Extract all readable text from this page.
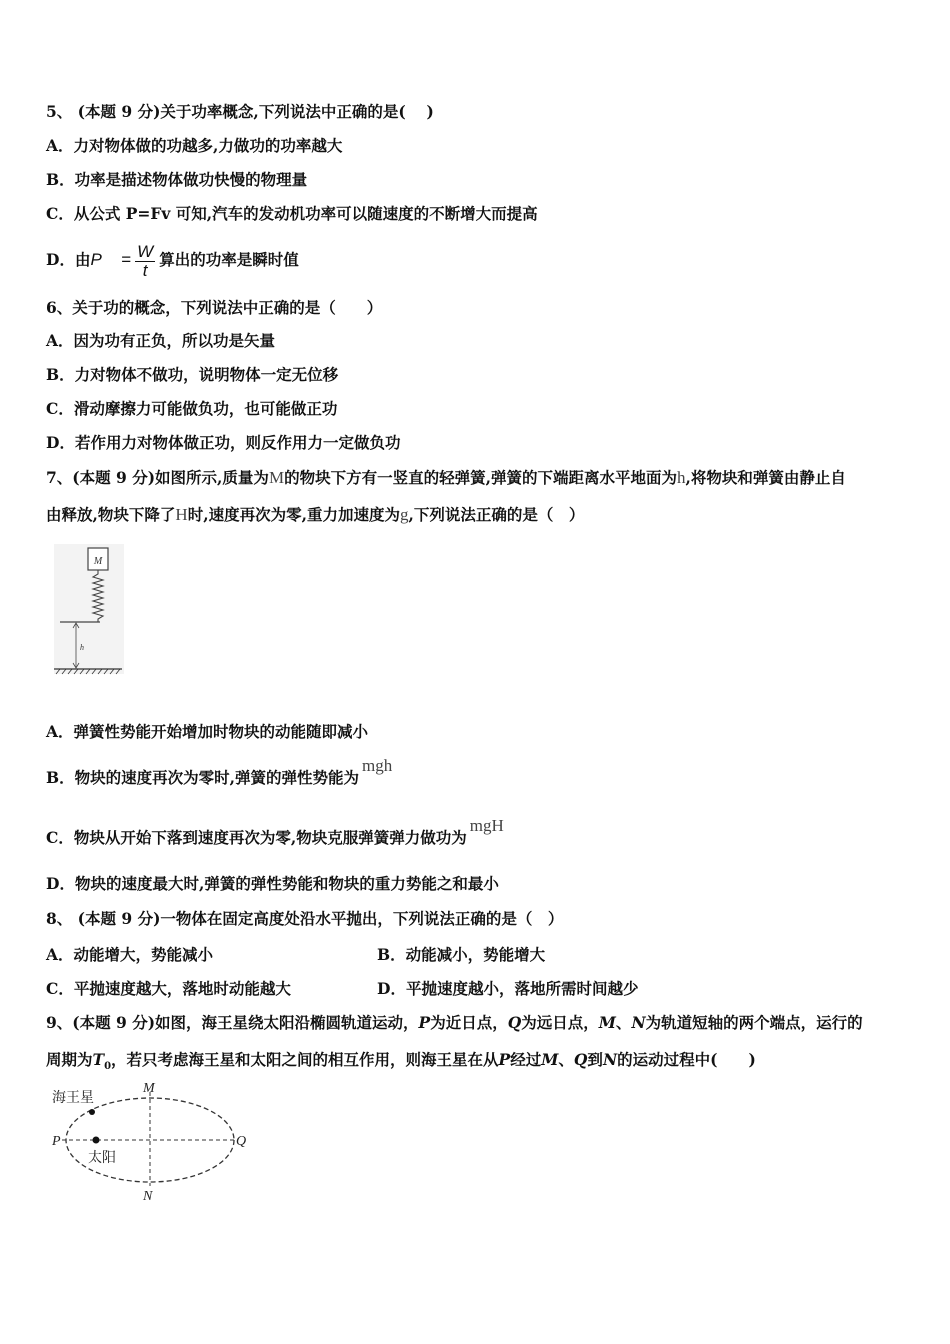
5、 (本题 9 分)关于功率概念,下列说法中正确的是(　 )
A．力对物体做的功越多,力做功的功率越大
B．功率是描述物体做功快慢的物理量
C．从公式 P=Fv 可知,汽车的发动机功率可以随速度的不断增大而提高
D．由$P = \frac{W}{t}$ 算出的功率是瞬时值
6、关于功的概念，下列说法中正确的是（　　）
A．因为功有正负，所以功是矢量
B．力对物体不做功，说明物体一定无位移
C．滑动摩擦力可能做负功，也可能做正功
D．若作用力对物体做正功，则反作用力一定做负功
7、(本题 9 分)如图所示,质量为M的物块下方有一竖直的轻弹簧,弹簧的下端距离水平地面为h,将物块和弹簧由静止自
由释放,物块下降了H时,速度再次为零,重力加速度为g,下列说法正确的是（　）
M
h
A．弹簧性势能开始增加时物块的动能随即减小
B．物块的速度再次为零时,弹簧的弹性势能为mgh
C．物块从开始下落到速度再次为零,物块克服弹簧弹力做功为mgH
D．物块的速度最大时,弹簧的弹性势能和物块的重力势能之和最小
8、 (本题 9 分)一物体在固定高度处沿水平抛出，下列说法正确的是（　）
A．动能增大，势能减小	B．动能减小，势能增大
C．平抛速度越大，落地时动能越大	D．平抛速度越小，落地所需时间越少
9、(本题 9 分)如图，海王星绕太阳沿椭圆轨道运动，P为近日点，Q为远日点，M、N为轨道短轴的两个端点，运行的
周期为$T_0$，若只考虑海王星和太阳之间的相互作用，则海王星在从P经过M、Q到N的运动过程中(　　)
海王星
太阳
P	Q
M
N
